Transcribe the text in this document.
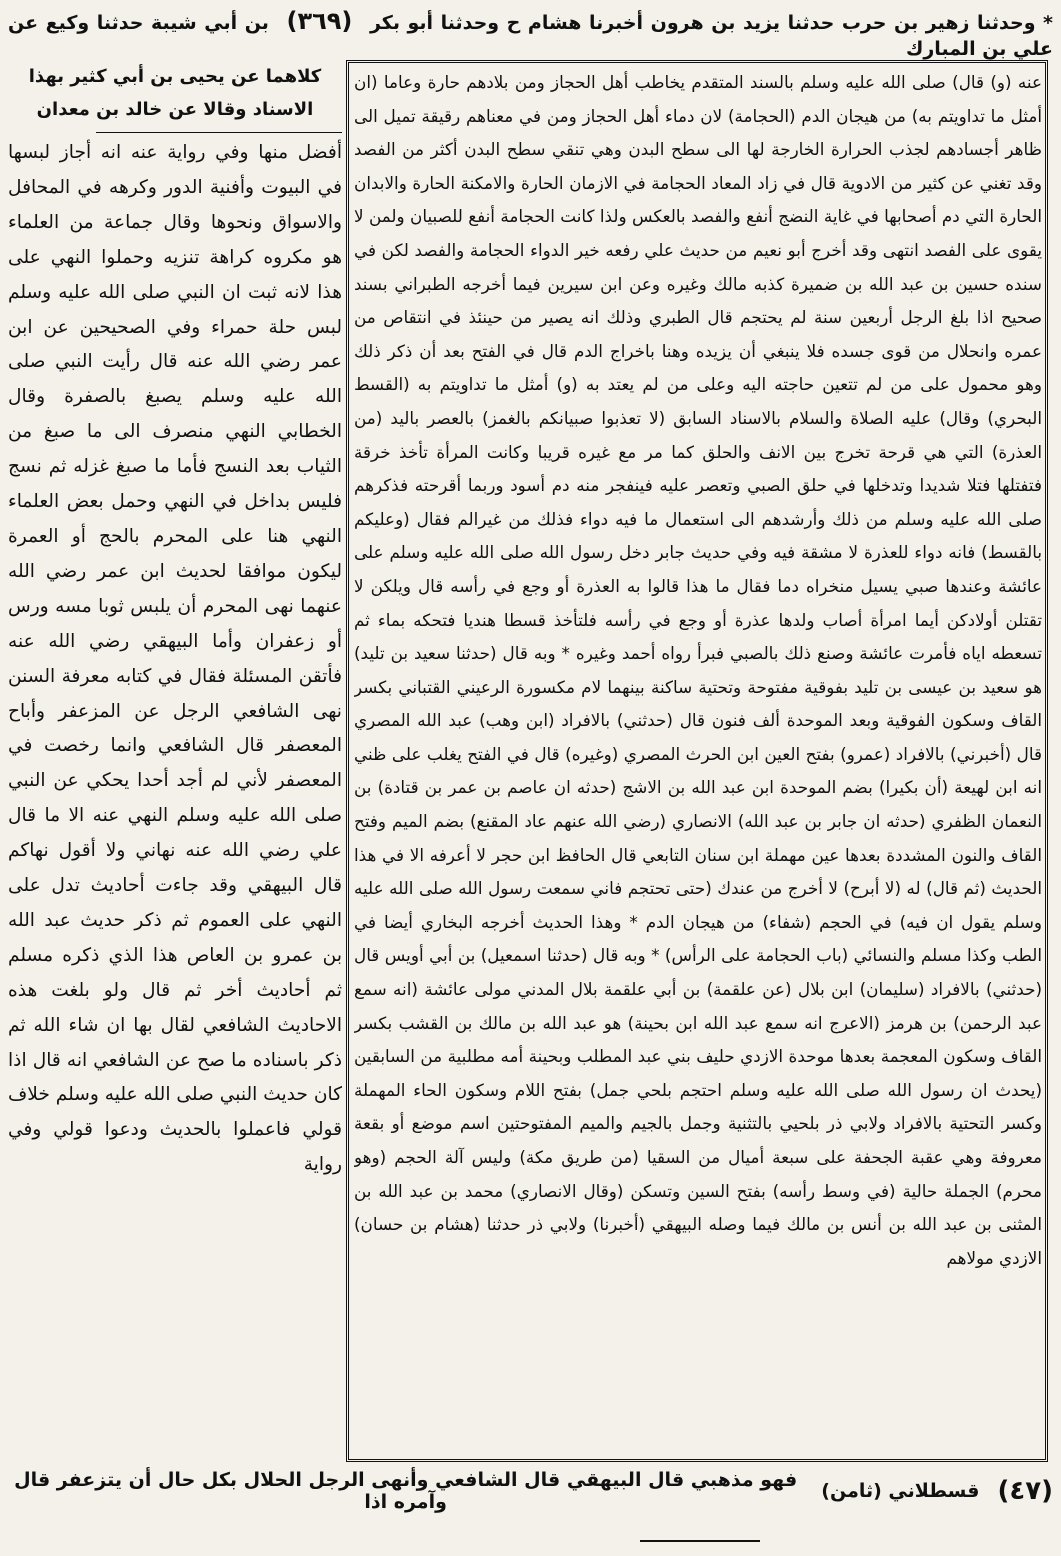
* وحدثنا زهير بن حرب حدثنا يزيد بن هرون أخبرنا هشام ح وحدثنا أبو بكر (٣٦٩) بن أبي شيبة حدثنا وكيع عن علي بن المبارك

عنه (و) قال) صلى الله عليه وسلم بالسند المتقدم يخاطب أهل الحجاز ومن بلادهم حارة وعاما (ان أمثل ما تداويتم به) من هيجان الدم (الحجامة) لان دماء أهل الحجاز ومن في معناهم رقيقة تميل الى ظاهر أجسادهم لجذب الحرارة الخارجة لها الى سطح البدن وهي تنقي سطح البدن أكثر من الفصد وقد تغني عن كثير من الادوية قال في زاد المعاد الحجامة في الازمان الحارة والامكنة الحارة والابدان الحارة التي دم أصحابها في غاية النضج أنفع والفصد بالعكس ولذا كانت الحجامة أنفع للصبيان ولمن لا يقوى على الفصد انتهى وقد أخرج أبو نعيم من حديث علي رفعه خير الدواء الحجامة والفصد لكن في سنده حسين بن عبد الله بن ضميرة كذبه مالك وغيره وعن ابن سيرين فيما أخرجه الطبراني بسند صحيح اذا بلغ الرجل أربعين سنة لم يحتجم قال الطبري وذلك انه يصير من حينئذ في انتقاص من عمره وانحلال من قوى جسده فلا ينبغي أن يزيده وهنا باخراج الدم قال في الفتح بعد أن ذكر ذلك وهو محمول على من لم تتعين حاجته اليه وعلى من لم يعتد به (و) أمثل ما تداويتم به (القسط البحري) وقال) عليه الصلاة والسلام بالاسناد السابق (لا تعذبوا صبيانكم بالغمز) بالعصر باليد (من العذرة) التي هي قرحة تخرج بين الانف والحلق كما مر مع غيره قريبا وكانت المرأة تأخذ خرقة فتفتلها فتلا شديدا وتدخلها في حلق الصبي وتعصر عليه فينفجر منه دم أسود وربما أقرحته فذكرهم صلى الله عليه وسلم من ذلك وأرشدهم الى استعمال ما فيه دواء فذلك من غيرالم فقال (وعليكم بالقسط) فانه دواء للعذرة لا مشقة فيه وفي حديث جابر دخل رسول الله صلى الله عليه وسلم على عائشة وعندها صبي يسيل منخراه دما فقال ما هذا قالوا به العذرة أو وجع في رأسه قال ويلكن لا تقتلن أولادكن أيما امرأة أصاب ولدها عذرة أو وجع في رأسه فلتأخذ قسطا هنديا فتحكه بماء ثم تسعطه اياه فأمرت عائشة وصنع ذلك بالصبي فبرأ رواه أحمد وغيره * وبه قال (حدثنا سعيد بن تليد) هو سعيد بن عيسى بن تليد بفوقية مفتوحة وتحتية ساكنة بينهما لام مكسورة الرعيني القتباني بكسر القاف وسكون الفوقية وبعد الموحدة ألف فنون قال (حدثني) بالافراد (ابن وهب) عبد الله المصري قال (أخبرني) بالافراد (عمرو) بفتح العين ابن الحرث المصري (وغيره) قال في الفتح يغلب على ظني انه ابن لهيعة (أن بكيرا) بضم الموحدة ابن عبد الله بن الاشج (حدثه ان عاصم بن عمر بن قتادة) بن النعمان الظفري (حدثه ان جابر بن عبد الله) الانصاري (رضي الله عنهم عاد المقنع) بضم الميم وفتح القاف والنون المشددة بعدها عين مهملة ابن سنان التابعي قال الحافظ ابن حجر لا أعرفه الا في هذا الحديث (ثم قال) له (لا أبرح) لا أخرج من عندك (حتى تحتجم فاني سمعت رسول الله صلى الله عليه وسلم يقول ان فيه) في الحجم (شفاء) من هيجان الدم * وهذا الحديث أخرجه البخاري أيضا في الطب وكذا مسلم والنسائي (باب الحجامة على الرأس) * وبه قال (حدثنا اسمعيل) بن أبي أويس قال (حدثني) بالافراد (سليمان) ابن بلال (عن علقمة) بن أبي علقمة بلال المدني مولى عائشة (انه سمع عبد الرحمن) بن هرمز (الاعرج انه سمع عبد الله ابن بحينة) هو عبد الله بن مالك بن القشب بكسر القاف وسكون المعجمة بعدها موحدة الازدي حليف بني عبد المطلب وبحينة أمه مطلبية من السابقين (يحدث ان رسول الله صلى الله عليه وسلم احتجم بلحي جمل) بفتح اللام وسكون الحاء المهملة وكسر التحتية بالافراد ولابي ذر بلحيي بالتثنية وجمل بالجيم والميم المفتوحتين اسم موضع أو بقعة معروفة وهي عقبة الجحفة على سبعة أميال من السقيا (من طريق مكة) وليس آلة الحجم (وهو محرم) الجملة حالية (في وسط رأسه) بفتح السين وتسكن (وقال الانصاري) محمد بن عبد الله بن المثنى بن عبد الله بن أنس بن مالك فيما وصله البيهقي (أخبرنا) ولابي ذر حدثنا (هشام بن حسان) الازدي مولاهم

كلاهما عن يحيى بن أبي كثير بهذا
الاسناد وقالا عن خالد بن معدان

أفضل منها وفي رواية عنه انه أجاز لبسها في البيوت وأفنية الدور وكرهه في المحافل والاسواق ونحوها وقال جماعة من العلماء هو مكروه كراهة تنزيه وحملوا النهي على هذا لانه ثبت ان النبي صلى الله عليه وسلم لبس حلة حمراء وفي الصحيحين عن ابن عمر رضي الله عنه قال رأيت النبي صلى الله عليه وسلم يصبغ بالصفرة وقال الخطابي النهي منصرف الى ما صبغ من الثياب بعد النسج فأما ما صبغ غزله ثم نسج فليس بداخل في النهي وحمل بعض العلماء النهي هنا على المحرم بالحج أو العمرة ليكون موافقا لحديث ابن عمر رضي الله عنهما نهى المحرم أن يلبس ثوبا مسه ورس أو زعفران وأما البيهقي رضي الله عنه فأتقن المسئلة فقال في كتابه معرفة السنن نهى الشافعي الرجل عن المزعفر وأباح المعصفر قال الشافعي وانما رخصت في المعصفر لأني لم أجد أحدا يحكي عن النبي صلى الله عليه وسلم النهي عنه الا ما قال علي رضي الله عنه نهاني ولا أقول نهاكم قال البيهقي وقد جاءت أحاديث تدل على النهي على العموم ثم ذكر حديث عبد الله بن عمرو بن العاص هذا الذي ذكره مسلم ثم أحاديث أخر ثم قال ولو بلغت هذه الاحاديث الشافعي لقال بها ان شاء الله ثم ذكر باسناده ما صح عن الشافعي انه قال اذا كان حديث النبي صلى الله عليه وسلم خلاف قولي فاعملوا بالحديث ودعوا قولي وفي رواية

(٤٧)
قسطلاني (ثامن)
فهو مذهبي قال البيهقي قال الشافعي وأنهى الرجل الحلال بكل حال أن يتزعفر قال وآمره اذا
